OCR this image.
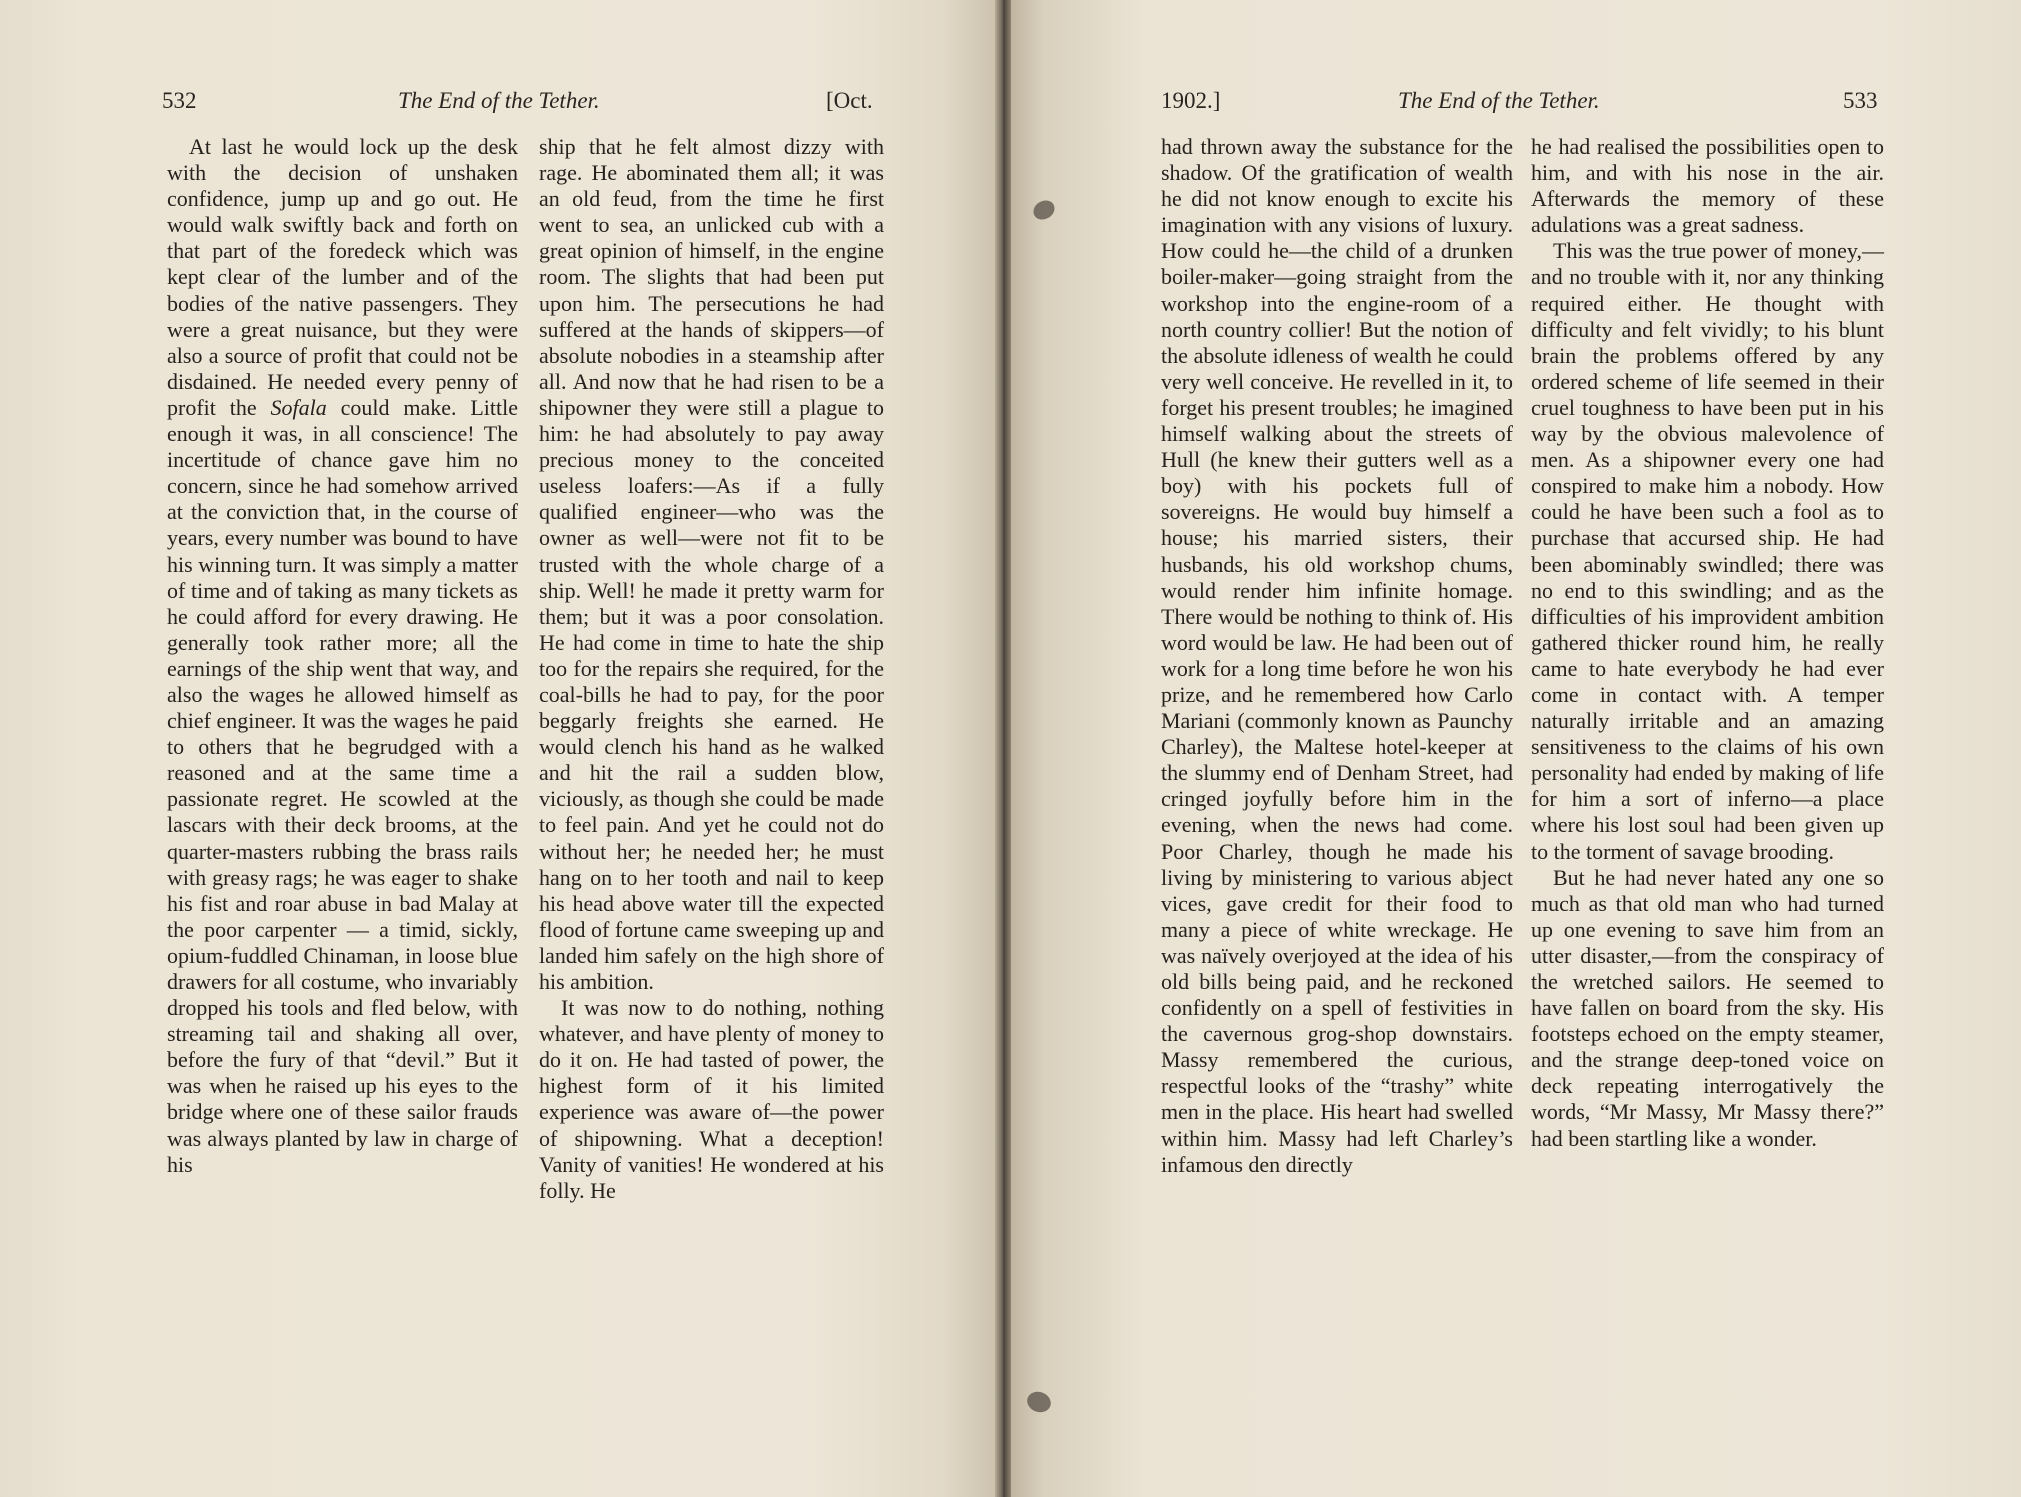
532	The End of the Tether.	[Oct.

At last he would lock up the desk with the decision of unshaken confidence, jump up and go out. He would walk swiftly back and forth on that part of the foredeck which was kept clear of the lumber and of the bodies of the native passengers. They were a great nuisance, but they were also a source of profit that could not be disdained. He needed every penny of profit the Sofala could make. Little enough it was, in all conscience! The incertitude of chance gave him no concern, since he had somehow arrived at the conviction that, in the course of years, every number was bound to have his winning turn. It was simply a matter of time and of taking as many tickets as he could afford for every drawing. He generally took rather more; all the earnings of the ship went that way, and also the wages he allowed himself as chief engineer. It was the wages he paid to others that he begrudged with a reasoned and at the same time a passionate regret. He scowled at the lascars with their deck brooms, at the quarter-masters rubbing the brass rails with greasy rags; he was eager to shake his fist and roar abuse in bad Malay at the poor carpenter — a timid, sickly, opium-fuddled Chinaman, in loose blue drawers for all costume, who invariably dropped his tools and fled below, with streaming tail and shaking all over, before the fury of that “devil.” But it was when he raised up his eyes to the bridge where one of these sailor frauds was always planted by law in charge of his

ship that he felt almost dizzy with rage. He abominated them all; it was an old feud, from the time he first went to sea, an unlicked cub with a great opinion of himself, in the engine room. The slights that had been put upon him. The persecutions he had suffered at the hands of skippers—of absolute nobodies in a steamship after all. And now that he had risen to be a shipowner they were still a plague to him: he had absolutely to pay away precious money to the conceited useless loafers:—As if a fully qualified engineer—who was the owner as well—were not fit to be trusted with the whole charge of a ship. Well! he made it pretty warm for them; but it was a poor consolation. He had come in time to hate the ship too for the repairs she required, for the coal-bills he had to pay, for the poor beggarly freights she earned. He would clench his hand as he walked and hit the rail a sudden blow, viciously, as though she could be made to feel pain. And yet he could not do without her; he needed her; he must hang on to her tooth and nail to keep his head above water till the expected flood of fortune came sweeping up and landed him safely on the high shore of his ambition.

It was now to do nothing, nothing whatever, and have plenty of money to do it on. He had tasted of power, the highest form of it his limited experience was aware of—the power of shipowning. What a deception! Vanity of vanities! He wondered at his folly. He

1902.]	The End of the Tether.	533

had thrown away the substance for the shadow. Of the gratification of wealth he did not know enough to excite his imagination with any visions of luxury. How could he—the child of a drunken boiler-maker—going straight from the workshop into the engine-room of a north country collier! But the notion of the absolute idleness of wealth he could very well conceive. He revelled in it, to forget his present troubles; he imagined himself walking about the streets of Hull (he knew their gutters well as a boy) with his pockets full of sovereigns. He would buy himself a house; his married sisters, their husbands, his old workshop chums, would render him infinite homage. There would be nothing to think of. His word would be law. He had been out of work for a long time before he won his prize, and he remembered how Carlo Mariani (commonly known as Paunchy Charley), the Maltese hotel-keeper at the slummy end of Denham Street, had cringed joyfully before him in the evening, when the news had come. Poor Charley, though he made his living by ministering to various abject vices, gave credit for their food to many a piece of white wreckage. He was naïvely overjoyed at the idea of his old bills being paid, and he reckoned confidently on a spell of festivities in the cavernous grog-shop downstairs. Massy remembered the curious, respectful looks of the “trashy” white men in the place. His heart had swelled within him. Massy had left Charley’s infamous den directly

he had realised the possibilities open to him, and with his nose in the air. Afterwards the memory of these adulations was a great sadness.

This was the true power of money,—and no trouble with it, nor any thinking required either. He thought with difficulty and felt vividly; to his blunt brain the problems offered by any ordered scheme of life seemed in their cruel toughness to have been put in his way by the obvious malevolence of men. As a shipowner every one had conspired to make him a nobody. How could he have been such a fool as to purchase that accursed ship. He had been abominably swindled; there was no end to this swindling; and as the difficulties of his improvident ambition gathered thicker round him, he really came to hate everybody he had ever come in contact with. A temper naturally irritable and an amazing sensitiveness to the claims of his own personality had ended by making of life for him a sort of inferno—a place where his lost soul had been given up to the torment of savage brooding.

But he had never hated any one so much as that old man who had turned up one evening to save him from an utter disaster,—from the conspiracy of the wretched sailors. He seemed to have fallen on board from the sky. His footsteps echoed on the empty steamer, and the strange deep-toned voice on deck repeating interrogatively the words, “Mr Massy, Mr Massy there?” had been startling like a wonder.
